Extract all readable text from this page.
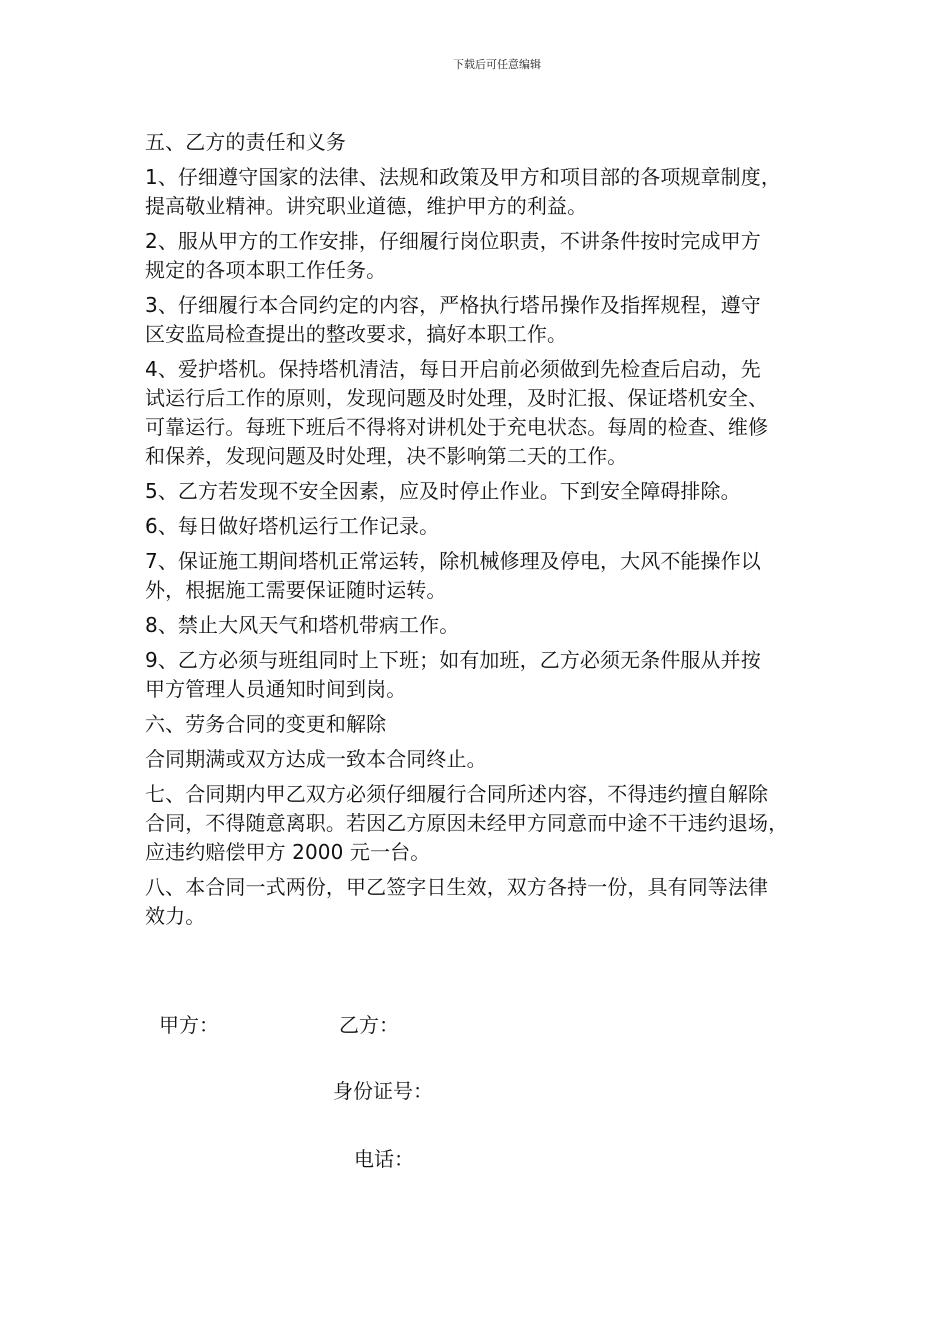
下载后可任意编辑

五、乙方的责任和义务

1、仔细遵守国家的法律、法规和政策及甲方和项目部的各项规章制度，
提高敬业精神。讲究职业道德，维护甲方的利益。

2、服从甲方的工作安排，仔细履行岗位职责，不讲条件按时完成甲方
规定的各项本职工作任务。

3、仔细履行本合同约定的内容，严格执行塔吊操作及指挥规程，遵守
区安监局检查提出的整改要求，搞好本职工作。

4、爱护塔机。保持塔机清洁，每日开启前必须做到先检查后启动，先
试运行后工作的原则，发现问题及时处理，及时汇报、保证塔机安全、
可靠运行。每班下班后不得将对讲机处于充电状态。每周的检查、维修
和保养，发现问题及时处理，决不影响第二天的工作。

5、乙方若发现不安全因素，应及时停止作业。下到安全障碍排除。

6、每日做好塔机运行工作记录。

7、保证施工期间塔机正常运转，除机械修理及停电，大风不能操作以
外，根据施工需要保证随时运转。

8、禁止大风天气和塔机带病工作。

9、乙方必须与班组同时上下班；如有加班，乙方必须无条件服从并按
甲方管理人员通知时间到岗。

六、劳务合同的变更和解除

合同期满或双方达成一致本合同终止。

七、合同期内甲乙双方必须仔细履行合同所述内容，不得违约擅自解除
合同，不得随意离职。若因乙方原因未经甲方同意而中途不干违约退场，
应违约赔偿甲方 2000 元一台。

八、本合同一式两份，甲乙签字日生效，双方各持一份，具有同等法律
效力。

甲方：	乙方：
身份证号：
电话：
